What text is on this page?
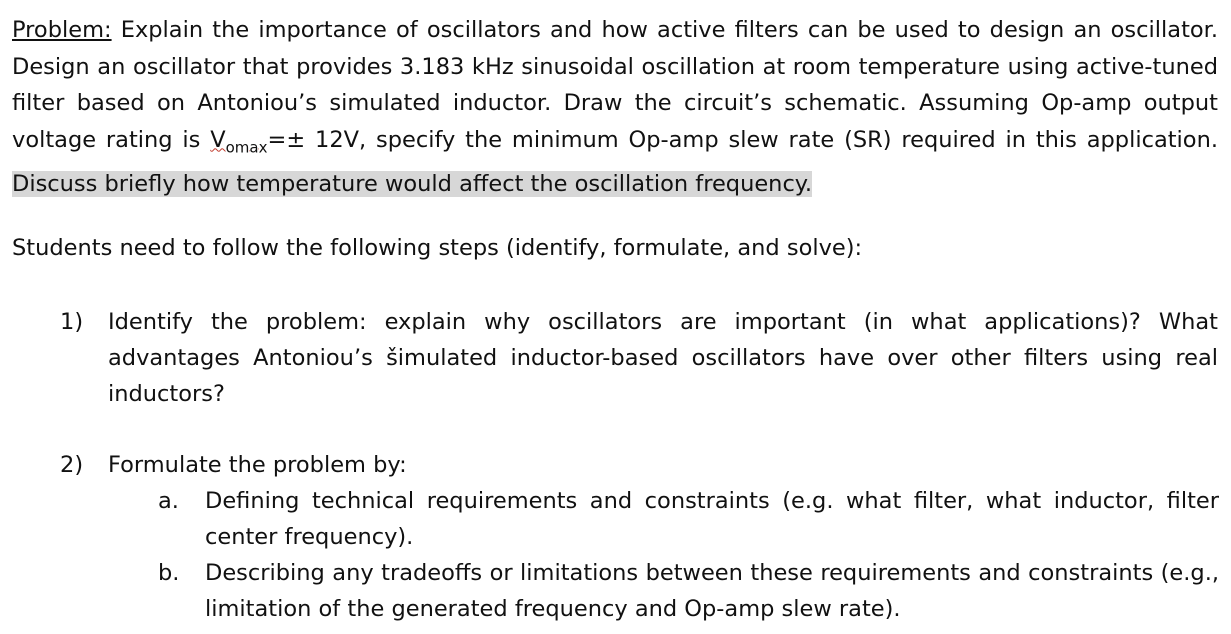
Problem: Explain the importance of oscillators and how active filters can be used to design an oscillator. Design an oscillator that provides 3.183 kHz sinusoidal oscillation at room temperature using active-tuned filter based on Antoniou’s simulated inductor. Draw the circuit’s schematic. Assuming Op-amp output voltage rating is $V_{omax}=\pm 12V$, specify the minimum Op-amp slew rate (SR) required in this application. Discuss briefly how temperature would affect the oscillation frequency.

Students need to follow the following steps (identify, formulate, and solve):

1) Identify the problem: explain why oscillators are important (in what applications)? What advantages Antoniou’s šimulated inductor-based oscillators have over other filters using real inductors?
2) Formulate the problem by:
a. Defining technical requirements and constraints (e.g. what filter, what inductor, filter center frequency).
b. Describing any tradeoffs or limitations between these requirements and constraints (e.g., limitation of the generated frequency and Op-amp slew rate).
